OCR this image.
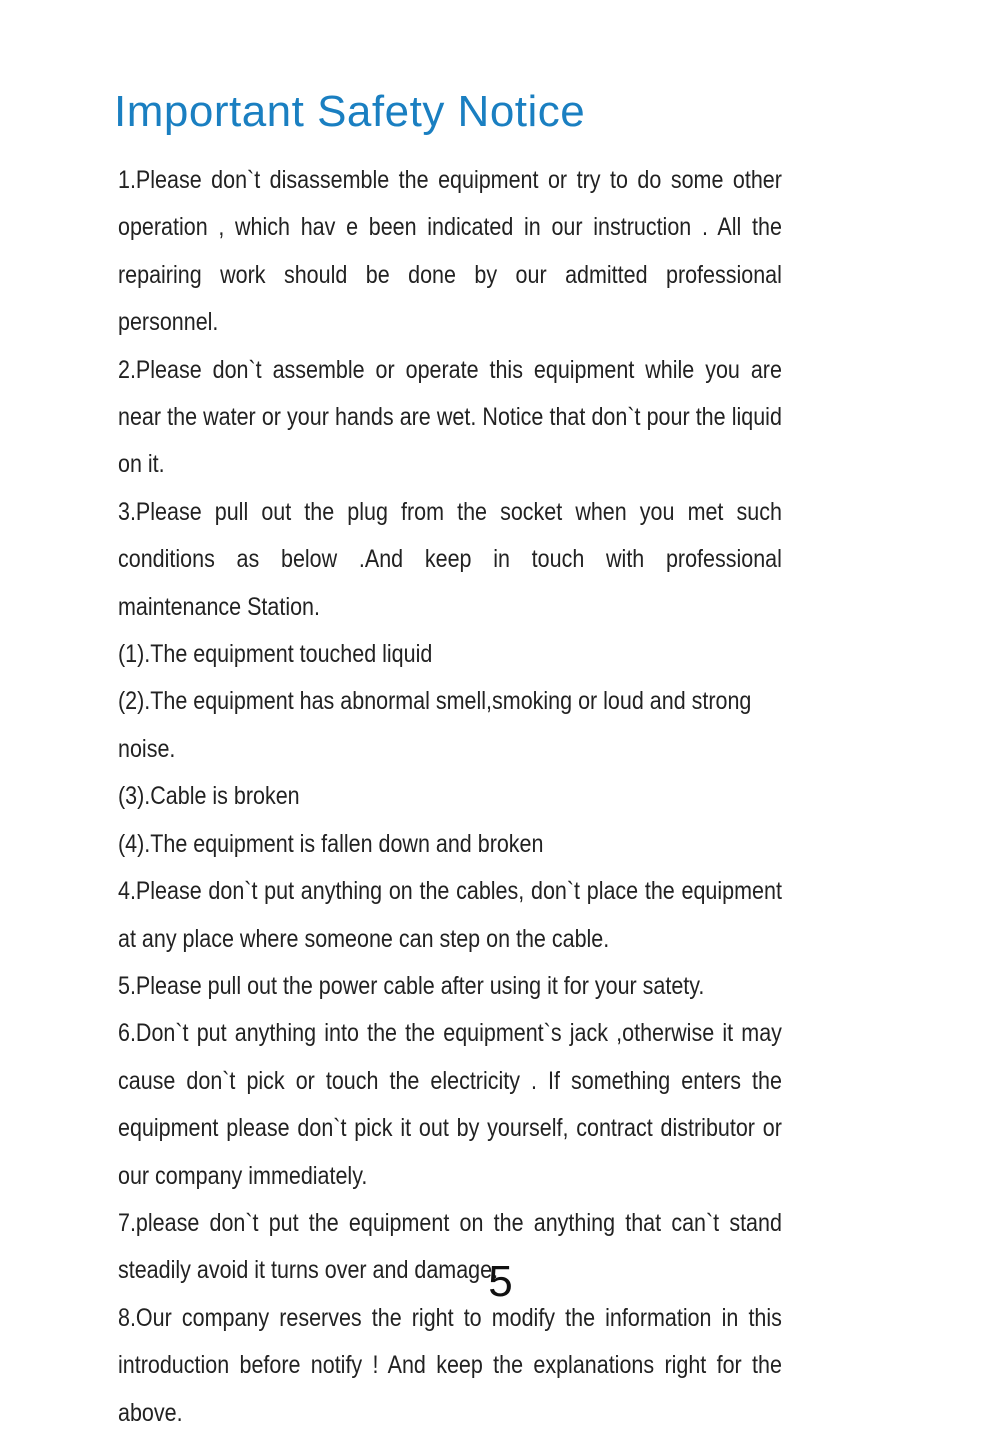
Important Safety Notice

1.Please don`t disassemble the equipment or try to do some other operation , which hav e been indicated in our instruction . All the repairing work should be done by our admitted professional personnel.

2.Please don`t assemble or operate this equipment while you are near the water or your hands are wet. Notice that don`t pour the liquid on it.

3.Please pull out the plug from the socket when you met such conditions as below .And keep in touch with professional maintenance Station.

(1).The equipment touched liquid

(2).The equipment has abnormal smell,smoking or loud and strong noise.

(3).Cable is broken

(4).The equipment is fallen down and broken

4.Please don`t put anything on the cables, don`t place the equipment at any place where someone can step on the cable.

5.Please pull out the power cable after using it for your satety.

6.Don`t put anything into the the equipment`s jack ,otherwise it may cause don`t pick or touch the electricity . If something enters the equipment please don`t pick it out by yourself, contract distributor or our company immediately.

7.please don`t put the equipment on the anything that can`t stand steadily avoid it turns over and damage.

8.Our company reserves the right to modify the information in this introduction before notify ! And keep the explanations right for the above.

5
